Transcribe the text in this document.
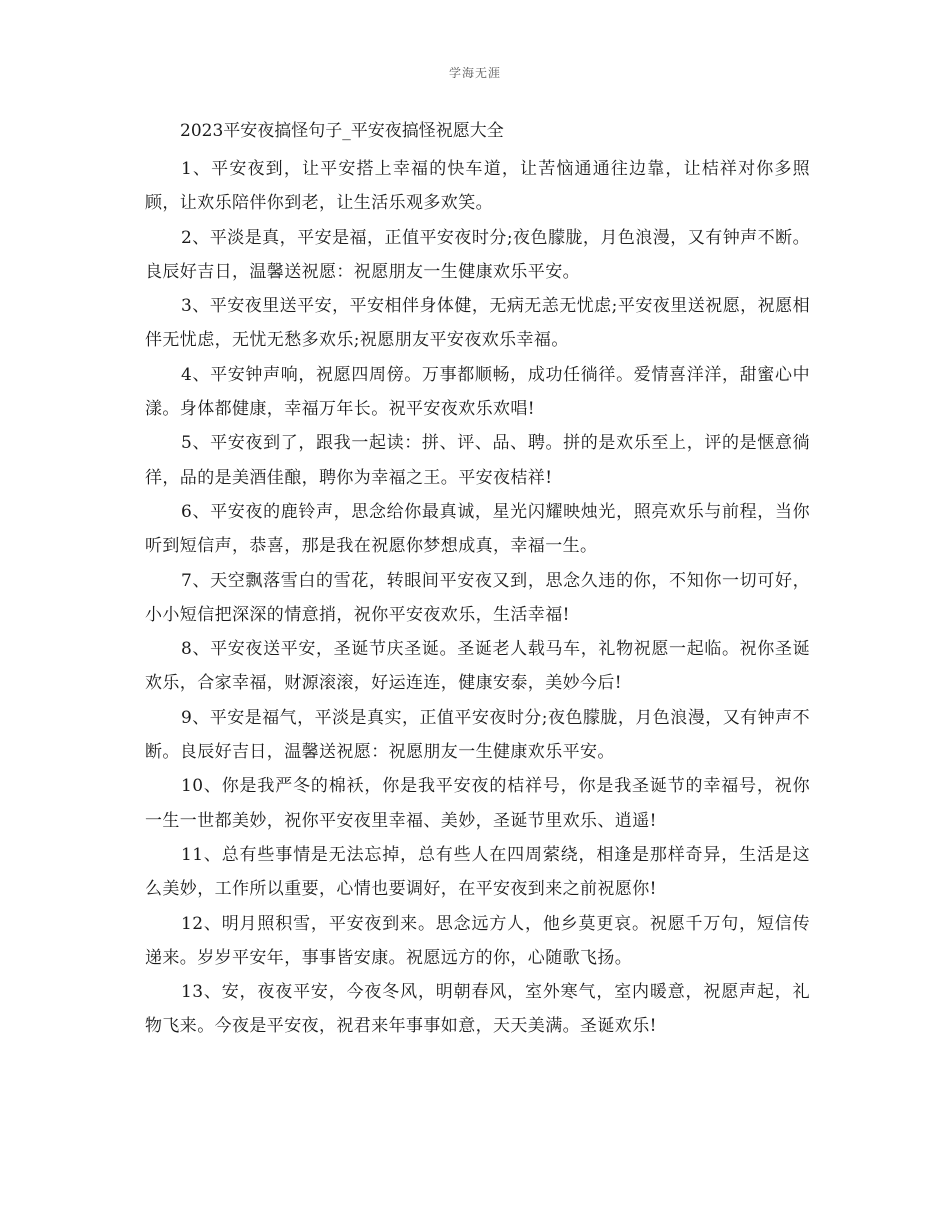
学海无涯
2023平安夜搞怪句子_平安夜搞怪祝愿大全

1、平安夜到，让平安搭上幸福的快车道，让苦恼通通往边靠，让桔祥对你多照顾，让欢乐陪伴你到老，让生活乐观多欢笑。

2、平淡是真，平安是福，正值平安夜时分;夜色朦胧，月色浪漫，又有钟声不断。良辰好吉日，温馨送祝愿：祝愿朋友一生健康欢乐平安。

3、平安夜里送平安，平安相伴身体健，无病无恙无忧虑;平安夜里送祝愿，祝愿相伴无忧虑，无忧无愁多欢乐;祝愿朋友平安夜欢乐幸福。

4、平安钟声响，祝愿四周傍。万事都顺畅，成功任徜徉。爱情喜洋洋，甜蜜心中漾。身体都健康，幸福万年长。祝平安夜欢乐欢唱!

5、平安夜到了，跟我一起读：拼、评、品、聘。拼的是欢乐至上，评的是惬意徜徉，品的是美酒佳酿，聘你为幸福之王。平安夜桔祥!

6、平安夜的鹿铃声，思念给你最真诚，星光闪耀映烛光，照亮欢乐与前程，当你听到短信声，恭喜，那是我在祝愿你梦想成真，幸福一生。

7、天空飘落雪白的雪花，转眼间平安夜又到，思念久违的你，不知你一切可好，小小短信把深深的情意捎，祝你平安夜欢乐，生活幸福!

8、平安夜送平安，圣诞节庆圣诞。圣诞老人载马车，礼物祝愿一起临。祝你圣诞欢乐，合家幸福，财源滚滚，好运连连，健康安泰，美妙今后!

9、平安是福气，平淡是真实，正值平安夜时分;夜色朦胧，月色浪漫，又有钟声不断。良辰好吉日，温馨送祝愿：祝愿朋友一生健康欢乐平安。

10、你是我严冬的棉袄，你是我平安夜的桔祥号，你是我圣诞节的幸福号，祝你一生一世都美妙，祝你平安夜里幸福、美妙，圣诞节里欢乐、逍遥!

11、总有些事情是无法忘掉，总有些人在四周萦绕，相逢是那样奇异，生活是这么美妙，工作所以重要，心情也要调好，在平安夜到来之前祝愿你!

12、明月照积雪，平安夜到来。思念远方人，他乡莫更哀。祝愿千万句，短信传递来。岁岁平安年，事事皆安康。祝愿远方的你，心随歌飞扬。

13、安，夜夜平安，今夜冬风，明朝春风，室外寒气，室内暖意，祝愿声起，礼物飞来。今夜是平安夜，祝君来年事事如意，天天美满。圣诞欢乐!
